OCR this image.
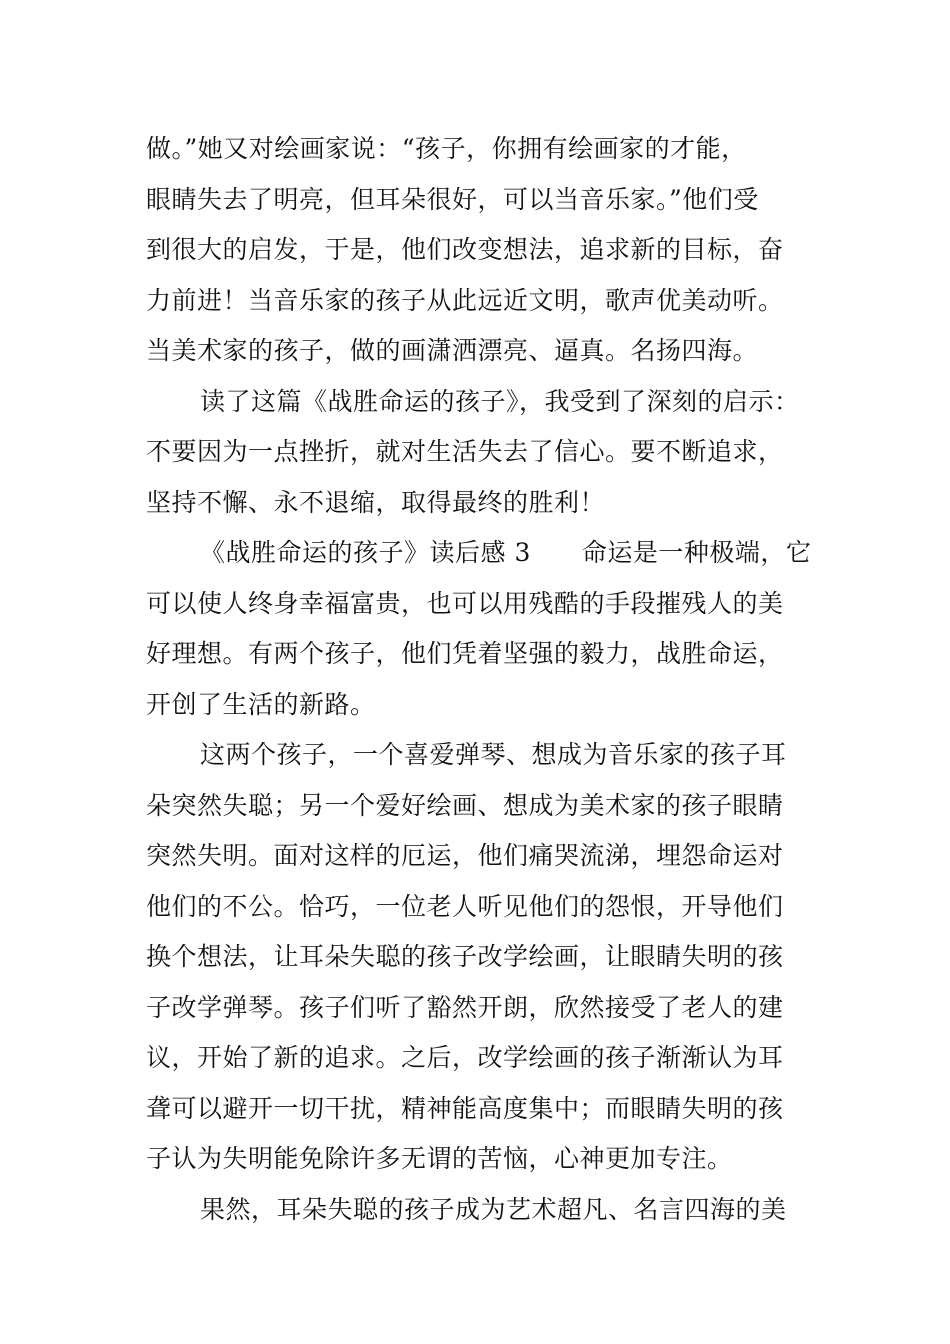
做。”她又对绘画家说：“孩子，你拥有绘画家的才能，
眼睛失去了明亮，但耳朵很好，可以当音乐家。”他们受
到很大的启发，于是，他们改变想法，追求新的目标，奋
力前进！当音乐家的孩子从此远近文明，歌声优美动听。
当美术家的孩子，做的画潇洒漂亮、逼真。名扬四海。
读了这篇《战胜命运的孩子》，我受到了深刻的启示：
不要因为一点挫折，就对生活失去了信心。要不断追求，
坚持不懈、永不退缩，取得最终的胜利！
《战胜命运的孩子》读后感 3　　命运是一种极端，它
可以使人终身幸福富贵，也可以用残酷的手段摧残人的美
好理想。有两个孩子，他们凭着坚强的毅力，战胜命运，
开创了生活的新路。
这两个孩子，一个喜爱弹琴、想成为音乐家的孩子耳
朵突然失聪；另一个爱好绘画、想成为美术家的孩子眼睛
突然失明。面对这样的厄运，他们痛哭流涕，埋怨命运对
他们的不公。恰巧，一位老人听见他们的怨恨，开导他们
换个想法，让耳朵失聪的孩子改学绘画，让眼睛失明的孩
子改学弹琴。孩子们听了豁然开朗，欣然接受了老人的建
议，开始了新的追求。之后，改学绘画的孩子渐渐认为耳
聋可以避开一切干扰，精神能高度集中；而眼睛失明的孩
子认为失明能免除许多无谓的苦恼，心神更加专注。
果然，耳朵失聪的孩子成为艺术超凡、名言四海的美
